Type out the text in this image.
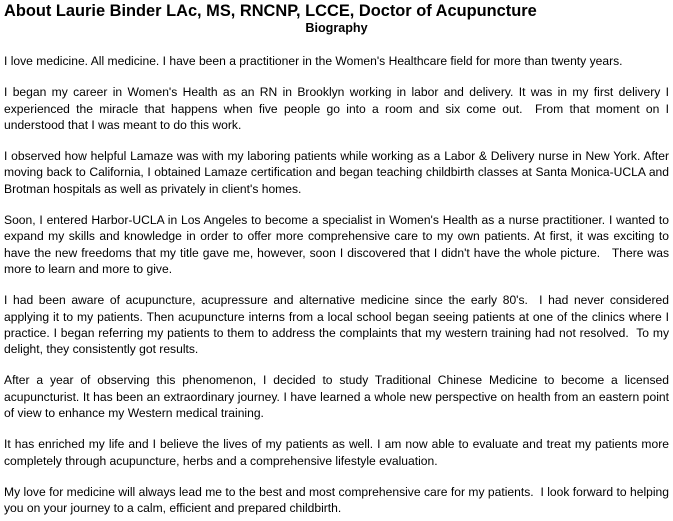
About Laurie Binder LAc, MS, RNCNP, LCCE, Doctor of Acupuncture
Biography

I love medicine. All medicine. I have been a practitioner in the Women's Healthcare field for more than twenty years.

I began my career in Women's Health as an RN in Brooklyn working in labor and delivery. It was in my first delivery I experienced the miracle that happens when five people go into a room and six come out.  From that moment on I understood that I was meant to do this work.

I observed how helpful Lamaze was with my laboring patients while working as a Labor & Delivery nurse in New York. After moving back to California, I obtained Lamaze certification and began teaching childbirth classes at Santa Monica-UCLA and Brotman hospitals as well as privately in client's homes.

Soon, I entered Harbor-UCLA in Los Angeles to become a specialist in Women's Health as a nurse practitioner. I wanted to expand my skills and knowledge in order to offer more comprehensive care to my own patients. At first, it was exciting to have the new freedoms that my title gave me, however, soon I discovered that I didn't have the whole picture.   There was more to learn and more to give.

I had been aware of acupuncture, acupressure and alternative medicine since the early 80's.  I had never considered applying it to my patients. Then acupuncture interns from a local school began seeing patients at one of the clinics where I practice. I began referring my patients to them to address the complaints that my western training had not resolved.  To my delight, they consistently got results.

After a year of observing this phenomenon, I decided to study Traditional Chinese Medicine to become a licensed acupuncturist. It has been an extraordinary journey. I have learned a whole new perspective on health from an eastern point of view to enhance my Western medical training.

It has enriched my life and I believe the lives of my patients as well. I am now able to evaluate and treat my patients more completely through acupuncture, herbs and a comprehensive lifestyle evaluation.

My love for medicine will always lead me to the best and most comprehensive care for my patients.  I look forward to helping you on your journey to a calm, efficient and prepared childbirth.
